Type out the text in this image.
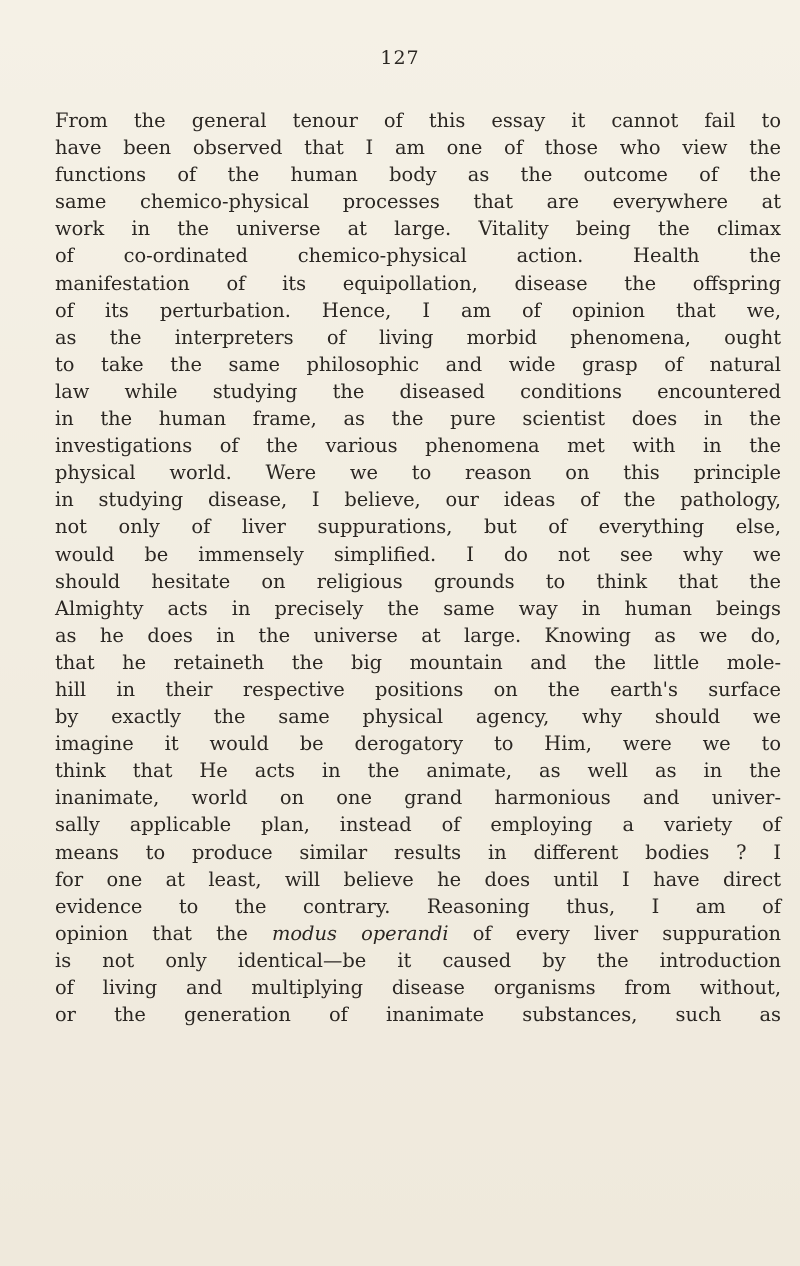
127
From the general tenour of this essay it cannot fail to
have been observed that I am one of those who view the
functions of the human body as the outcome of the
same chemico-physical processes that are everywhere at
work in the universe at large. Vitality being the climax
of co-ordinated chemico-physical action. Health the
manifestation of its equipollation, disease the offspring
of its perturbation. Hence, I am of opinion that we,
as the interpreters of living morbid phenomena, ought
to take the same philosophic and wide grasp of natural
law while studying the diseased conditions encountered
in the human frame, as the pure scientist does in the
investigations of the various phenomena met with in the
physical world. Were we to reason on this principle
in studying disease, I believe, our ideas of the pathology,
not only of liver suppurations, but of everything else,
would be immensely simplified. I do not see why we
should hesitate on religious grounds to think that the
Almighty acts in precisely the same way in human beings
as he does in the universe at large. Knowing as we do,
that he retaineth the big mountain and the little mole-
hill in their respective positions on the earth's surface
by exactly the same physical agency, why should we
imagine it would be derogatory to Him, were we to
think that He acts in the animate, as well as in the
inanimate, world on one grand harmonious and univer-
sally applicable plan, instead of employing a variety of
means to produce similar results in different bodies ? I
for one at least, will believe he does until I have direct
evidence to the contrary. Reasoning thus, I am of
opinion that the modus operandi of every liver suppuration
is not only identical—be it caused by the introduction
of living and multiplying disease organisms from without,
or the generation of inanimate substances, such as
